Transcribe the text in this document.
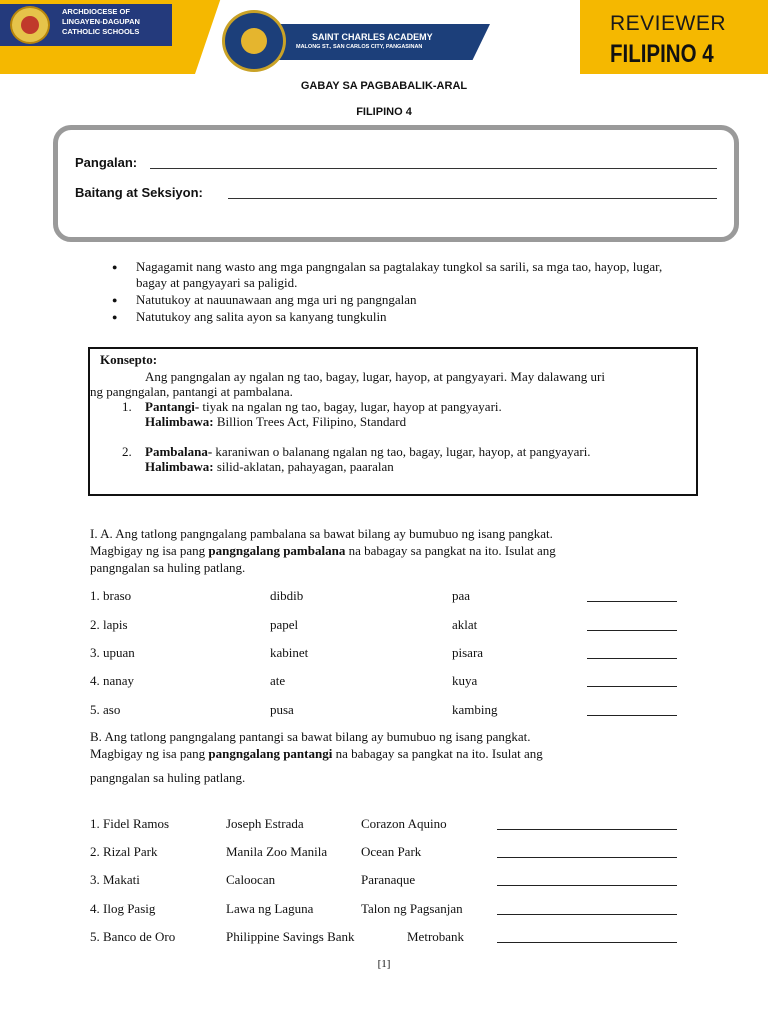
ARCHDIOCESE OF LINGAYEN-DAGUPAN CATHOLIC SCHOOLS
SAINT CHARLES ACADEMY
MALONG ST., SAN CARLOS CITY, PANGASINAN
REVIEWER
FILIPINO 4
GABAY SA PAGBABALIK-ARAL
FILIPINO 4
Pangalan:
Baitang at Seksiyon:
● Nagagamit nang wasto ang mga pangngalan sa pagtalakay tungkol sa sarili, sa mga tao, hayop, lugar, bagay at pangyayari sa paligid.
● Natutukoy at nauunawaan ang mga uri ng pangngalan
● Natutukoy ang salita ayon sa kanyang tungkulin
Konsepto:
Ang pangngalan ay ngalan ng tao, bagay, lugar, hayop, at pangyayari. May dalawang uri
ng pangngalan, pantangi at pambalana.
1. Pantangi- tiyak na ngalan ng tao, bagay, lugar, hayop at pangyayari.
Halimbawa: Billion Trees Act, Filipino, Standard
2. Pambalana- karaniwan o balanang ngalan ng tao, bagay, lugar, hayop, at pangyayari.
Halimbawa: silid-aklatan, pahayagan, paaralan
I. A. Ang tatlong pangngalang pambalana sa bawat bilang ay bumubuo ng isang pangkat.
Magbigay ng isa pang pangngalang pambalana na babagay sa pangkat na ito. Isulat ang
pangngalan sa huling patlang.
1. braso	dibdib	paa
2. lapis	papel	aklat
3. upuan	kabinet	pisara
4. nanay	ate	kuya
5. aso	pusa	kambing
B. Ang tatlong pangngalang pantangi sa bawat bilang ay bumubuo ng isang pangkat.
Magbigay ng isa pang pangngalang pantangi na babagay sa pangkat na ito. Isulat ang
pangngalan sa huling patlang.
1. Fidel Ramos	Joseph Estrada	Corazon Aquino
2. Rizal Park	Manila Zoo Manila	Ocean Park
3. Makati	Caloocan	Paranaque
4. Ilog Pasig	Lawa ng Laguna	Talon ng Pagsanjan
5. Banco de Oro	Philippine Savings Bank	Metrobank
[1]
